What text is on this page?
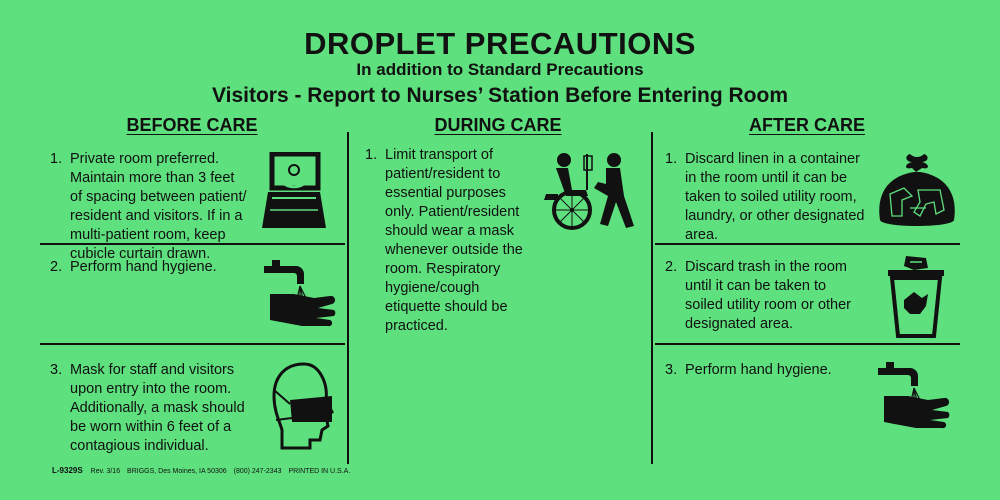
DROPLET PRECAUTIONS
In addition to Standard Precautions
Visitors - Report to Nurses’ Station Before Entering Room
BEFORE CARE	DURING CARE	AFTER CARE
1. Private room preferred. Maintain more than 3 feet of spacing between patient/ resident and visitors. If in a multi-patient room, keep cubicle curtain drawn.
2. Perform hand hygiene.
3. Mask for staff and visitors upon entry into the room. Additionally, a mask should be worn within 6 feet of a contagious individual.
1. Limit transport of patient/resident to essential purposes only. Patient/resident should wear a mask whenever outside the room. Respiratory hygiene/cough etiquette should be practiced.
1. Discard linen in a container in the room until it can be taken to soiled utility room, laundry, or other designated area.
2. Discard trash in the room until it can be taken to soiled utility room or other designated area.
3. Perform hand hygiene.
L-9329S Rev. 3/16 BRIGGS, Des Moines, IA 50306 (800) 247-2343 PRINTED IN U.S.A.
